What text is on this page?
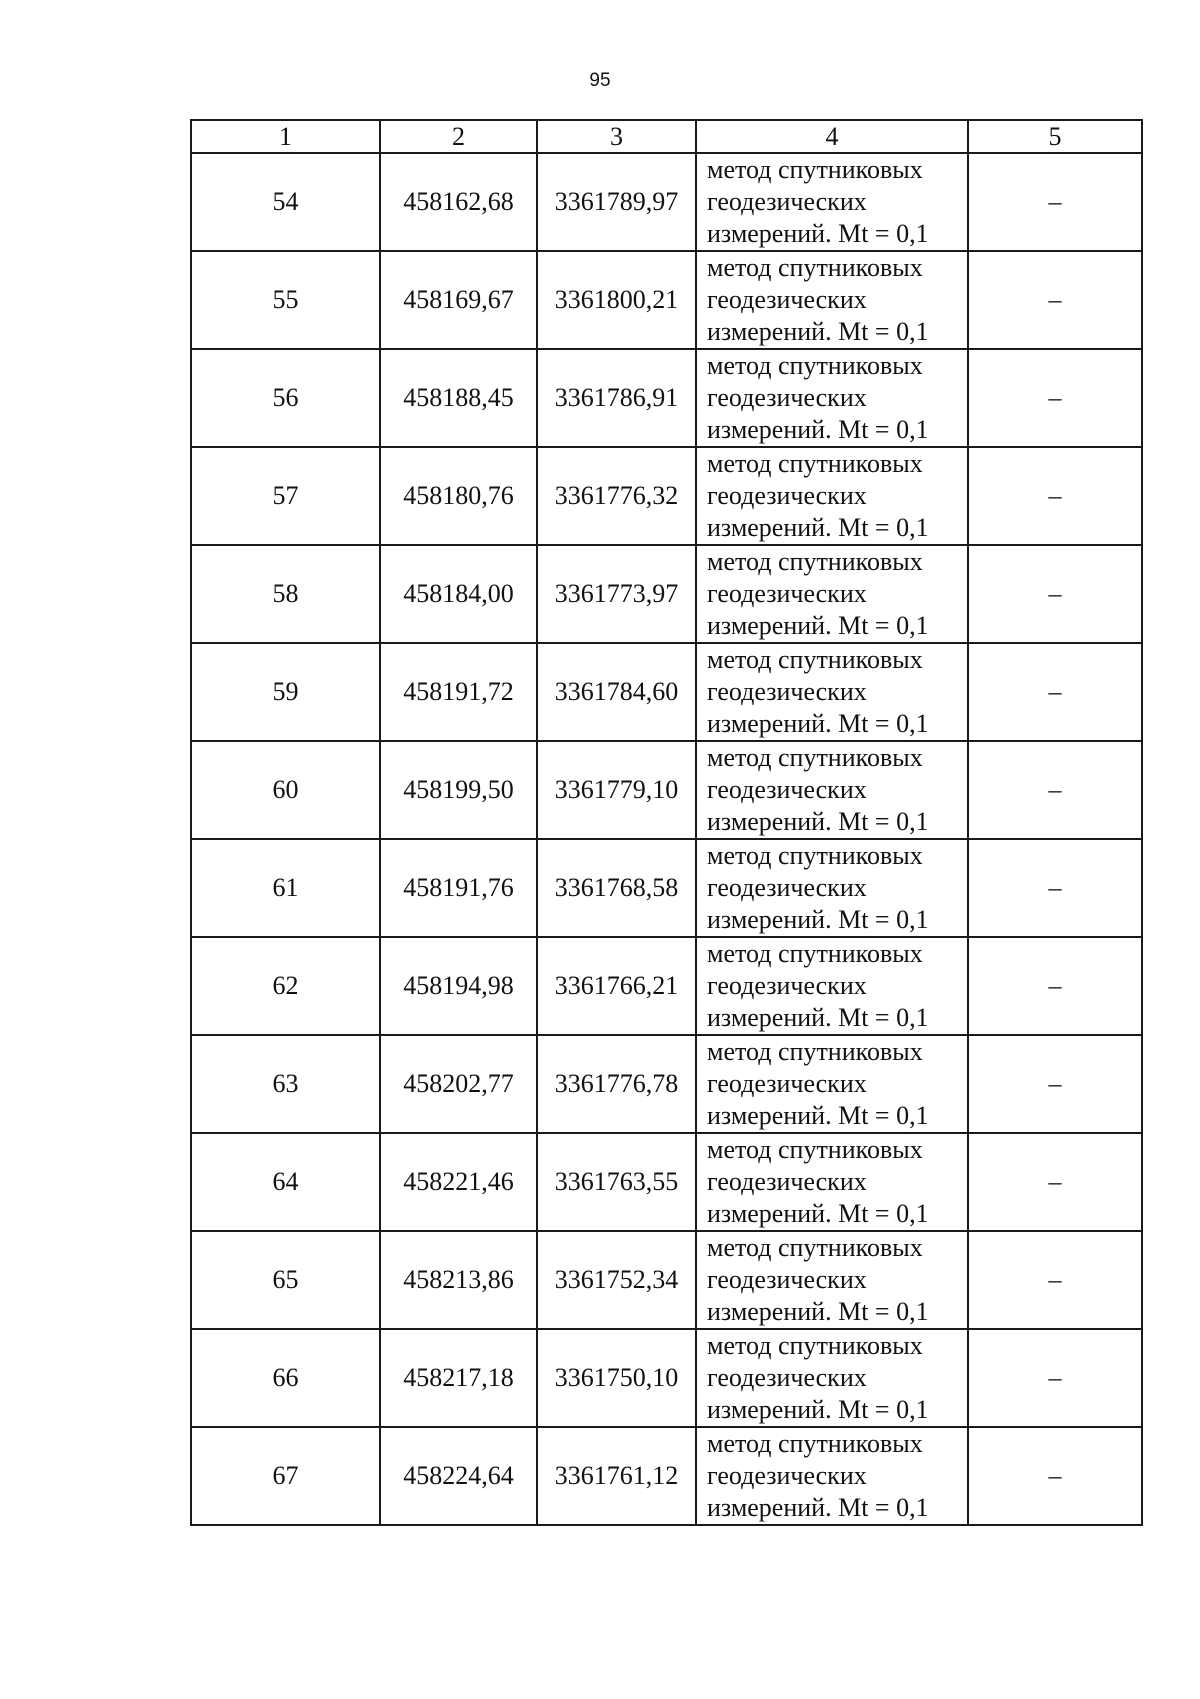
95
1	2	3	4	5
54	458162,68	3361789,97	метод спутниковых
геодезических
измерений. Mt = 0,1	–
55	458169,67	3361800,21	метод спутниковых
геодезических
измерений. Mt = 0,1	–
56	458188,45	3361786,91	метод спутниковых
геодезических
измерений. Mt = 0,1	–
57	458180,76	3361776,32	метод спутниковых
геодезических
измерений. Mt = 0,1	–
58	458184,00	3361773,97	метод спутниковых
геодезических
измерений. Mt = 0,1	–
59	458191,72	3361784,60	метод спутниковых
геодезических
измерений. Mt = 0,1	–
60	458199,50	3361779,10	метод спутниковых
геодезических
измерений. Mt = 0,1	–
61	458191,76	3361768,58	метод спутниковых
геодезических
измерений. Mt = 0,1	–
62	458194,98	3361766,21	метод спутниковых
геодезических
измерений. Mt = 0,1	–
63	458202,77	3361776,78	метод спутниковых
геодезических
измерений. Mt = 0,1	–
64	458221,46	3361763,55	метод спутниковых
геодезических
измерений. Mt = 0,1	–
65	458213,86	3361752,34	метод спутниковых
геодезических
измерений. Mt = 0,1	–
66	458217,18	3361750,10	метод спутниковых
геодезических
измерений. Mt = 0,1	–
67	458224,64	3361761,12	метод спутниковых
геодезических
измерений. Mt = 0,1	–
